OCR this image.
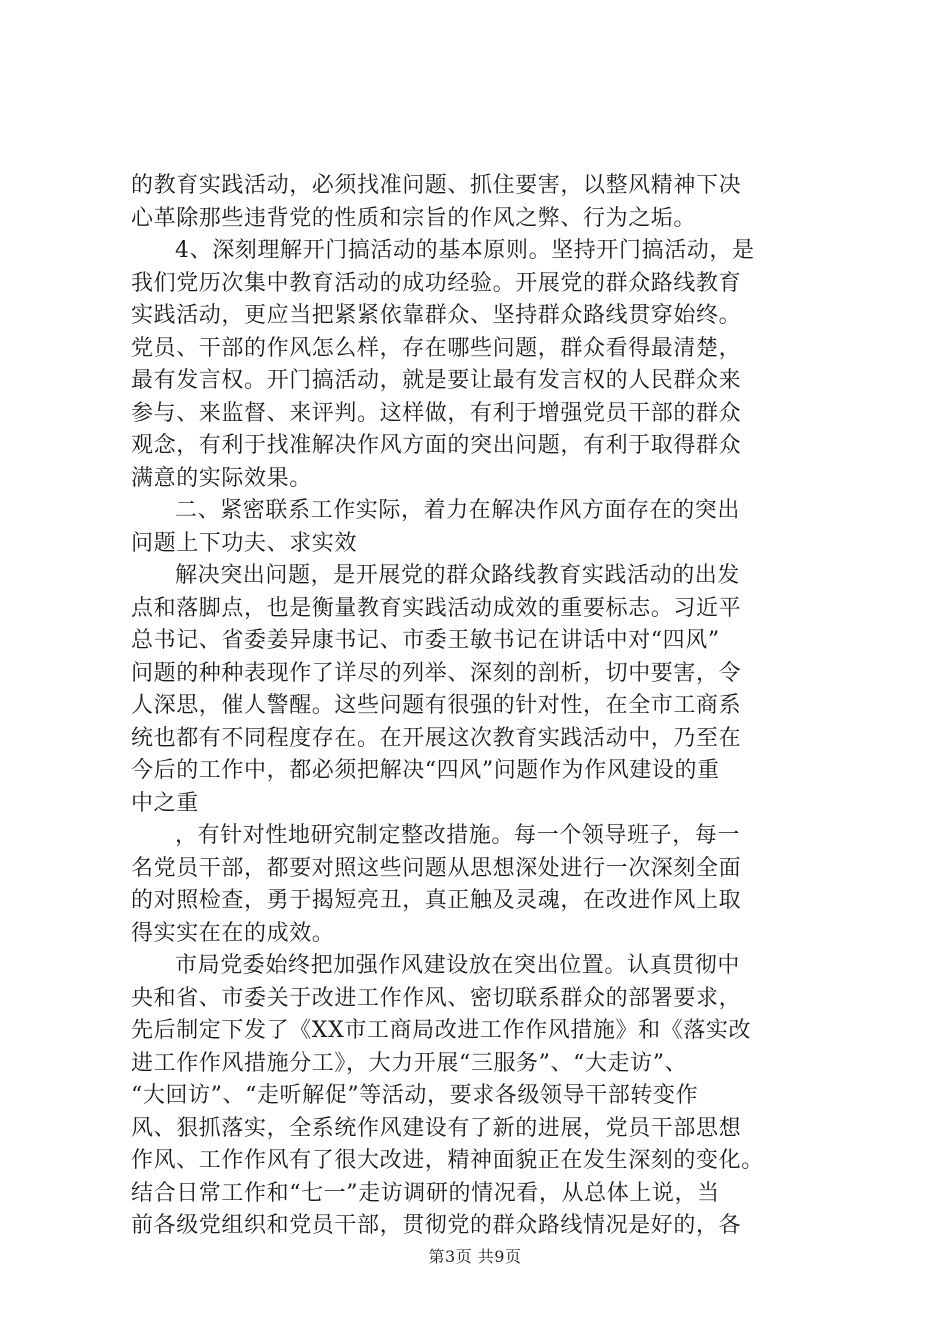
的教育实践活动，必须找准问题、抓住要害，以整风精神下决
心革除那些违背党的性质和宗旨的作风之弊、行为之垢。
4、深刻理解开门搞活动的基本原则。坚持开门搞活动，是
我们党历次集中教育活动的成功经验。开展党的群众路线教育
实践活动，更应当把紧紧依靠群众、坚持群众路线贯穿始终。
党员、干部的作风怎么样，存在哪些问题，群众看得最清楚，
最有发言权。开门搞活动，就是要让最有发言权的人民群众来
参与、来监督、来评判。这样做，有利于增强党员干部的群众
观念，有利于找准解决作风方面的突出问题，有利于取得群众
满意的实际效果。
二、紧密联系工作实际，着力在解决作风方面存在的突出
问题上下功夫、求实效
解决突出问题，是开展党的群众路线教育实践活动的出发
点和落脚点，也是衡量教育实践活动成效的重要标志。习近平
总书记、省委姜异康书记、市委王敏书记在讲话中对“四风”
问题的种种表现作了详尽的列举、深刻的剖析，切中要害，令
人深思，催人警醒。这些问题有很强的针对性，在全市工商系
统也都有不同程度存在。在开展这次教育实践活动中，乃至在
今后的工作中，都必须把解决“四风”问题作为作风建设的重
中之重
，有针对性地研究制定整改措施。每一个领导班子，每一
名党员干部，都要对照这些问题从思想深处进行一次深刻全面
的对照检查，勇于揭短亮丑，真正触及灵魂，在改进作风上取
得实实在在的成效。
市局党委始终把加强作风建设放在突出位置。认真贯彻中
央和省、市委关于改进工作作风、密切联系群众的部署要求，
先后制定下发了《XX市工商局改进工作作风措施》和《落实改
进工作作风措施分工》，大力开展“三服务”、“大走访”、
“大回访”、“走听解促”等活动，要求各级领导干部转变作
风、狠抓落实，全系统作风建设有了新的进展，党员干部思想
作风、工作作风有了很大改进，精神面貌正在发生深刻的变化。
结合日常工作和“七一”走访调研的情况看，从总体上说，当
前各级党组织和党员干部，贯彻党的群众路线情况是好的，各
第3页 共9页
